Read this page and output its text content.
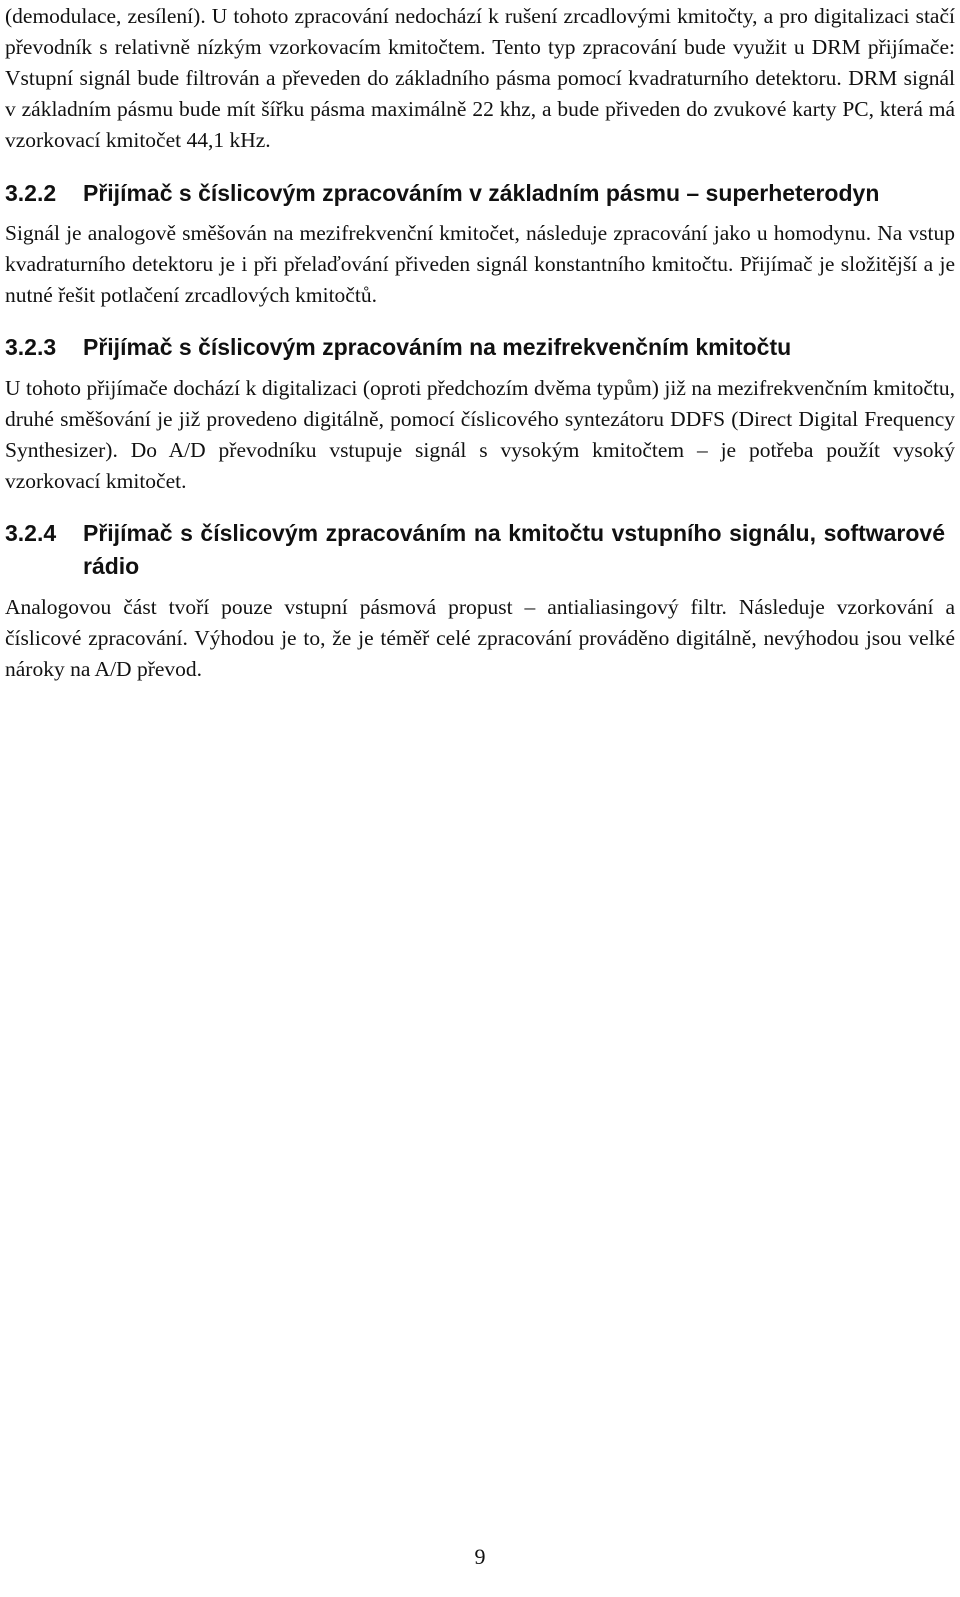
(demodulace, zesílení). U tohoto zpracování nedochází k rušení zrcadlovými kmitočty, a pro digitalizaci stačí převodník s relativně nízkým vzorkovacím kmitočtem. Tento typ zpracování bude využit u DRM přijímače: Vstupní signál bude filtrován a převeden do základního pásma pomocí kvadraturního detektoru. DRM signál v základním pásmu bude mít šířku pásma maximálně 22 khz, a bude přiveden do zvukové karty PC, která má vzorkovací kmitočet 44,1 kHz.

3.2.2	Přijímač s číslicovým zpracováním v základním pásmu – superheterodyn

Signál je analogově směšován na mezifrekvenční kmitočet, následuje zpracování jako u homodynu. Na vstup kvadraturního detektoru je i při přelaďování přiveden signál konstantního kmitočtu. Přijímač je složitější a je nutné řešit potlačení zrcadlových kmitočtů.

3.2.3	Přijímač s číslicovým zpracováním na mezifrekvenčním kmitočtu

U tohoto přijímače dochází k digitalizaci (oproti předchozím dvěma typům) již na mezifrekvenčním kmitočtu, druhé směšování je již provedeno digitálně, pomocí číslicového syntezátoru DDFS (Direct Digital Frequency Synthesizer). Do A/D převodníku vstupuje signál s vysokým kmitočtem – je potřeba použít vysoký vzorkovací kmitočet.

3.2.4	Přijímač s číslicovým zpracováním na kmitočtu vstupního signálu, softwarové rádio

Analogovou část tvoří pouze vstupní pásmová propust – antialiasingový filtr. Následuje vzorkování a číslicové zpracování. Výhodou je to, že je téměř celé zpracování prováděno digitálně, nevýhodou jsou velké nároky na A/D převod.

9
